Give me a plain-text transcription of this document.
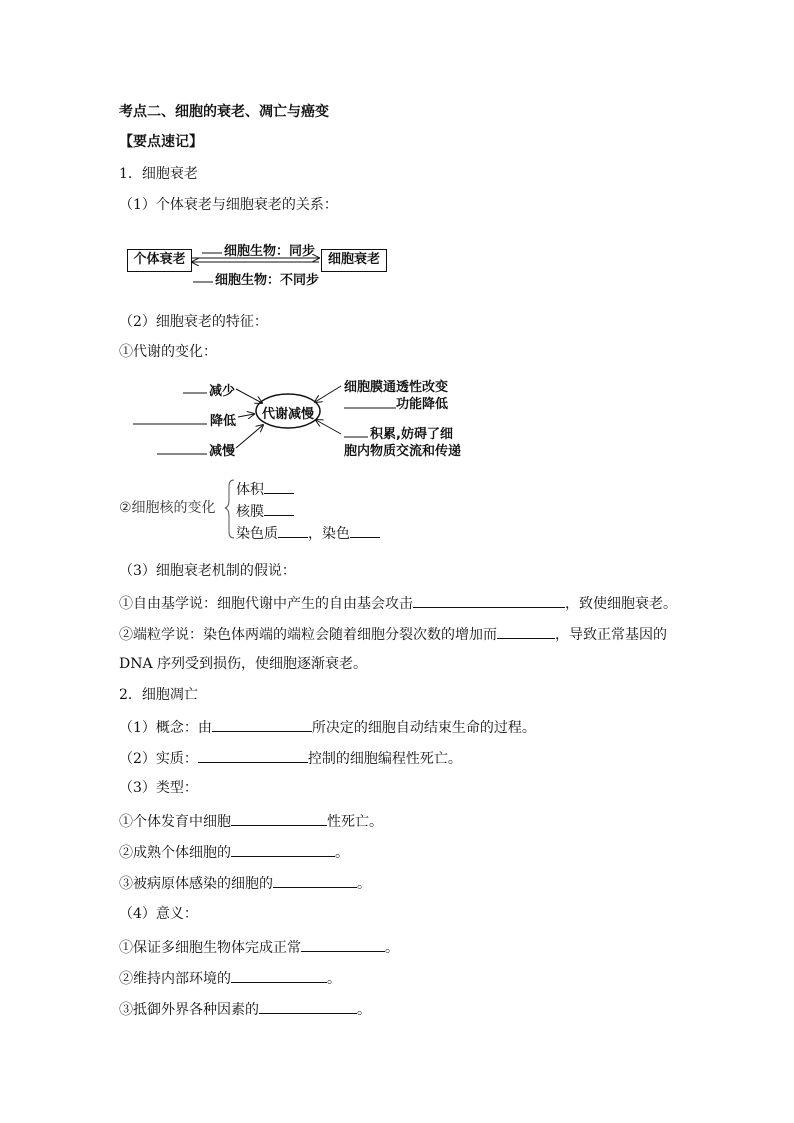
考点二、细胞的衰老、凋亡与癌变
【要点速记】
1．细胞衰老
（1）个体衰老与细胞衰老的关系：
个体衰老	细胞衰老
细胞生物：同步
细胞生物：不同步
（2）细胞衰老的特征：
①代谢的变化：
代谢减慢
减少
降低
减慢
细胞膜通透性改变
功能降低
积累,妨碍了细
胞内物质交流和传递
②细胞核的变化
体积
核膜
染色质 ，染色
（3）细胞衰老机制的假说：
①自由基学说：细胞代谢中产生的自由基会攻击	，致使细胞衰老。
②端粒学说：染色体两端的端粒会随着细胞分裂次数的增加而	，导致正常基因的
DNA 序列受到损伤，使细胞逐渐衰老。
2．细胞凋亡
（1）概念：由	所决定的细胞自动结束生命的过程。
（2）实质：	控制的细胞编程性死亡。
（3）类型：
①个体发育中细胞	性死亡。
②成熟个体细胞的	。
③被病原体感染的细胞的	。
（4）意义：
①保证多细胞生物体完成正常	。
②维持内部环境的	。
③抵御外界各种因素的	。
